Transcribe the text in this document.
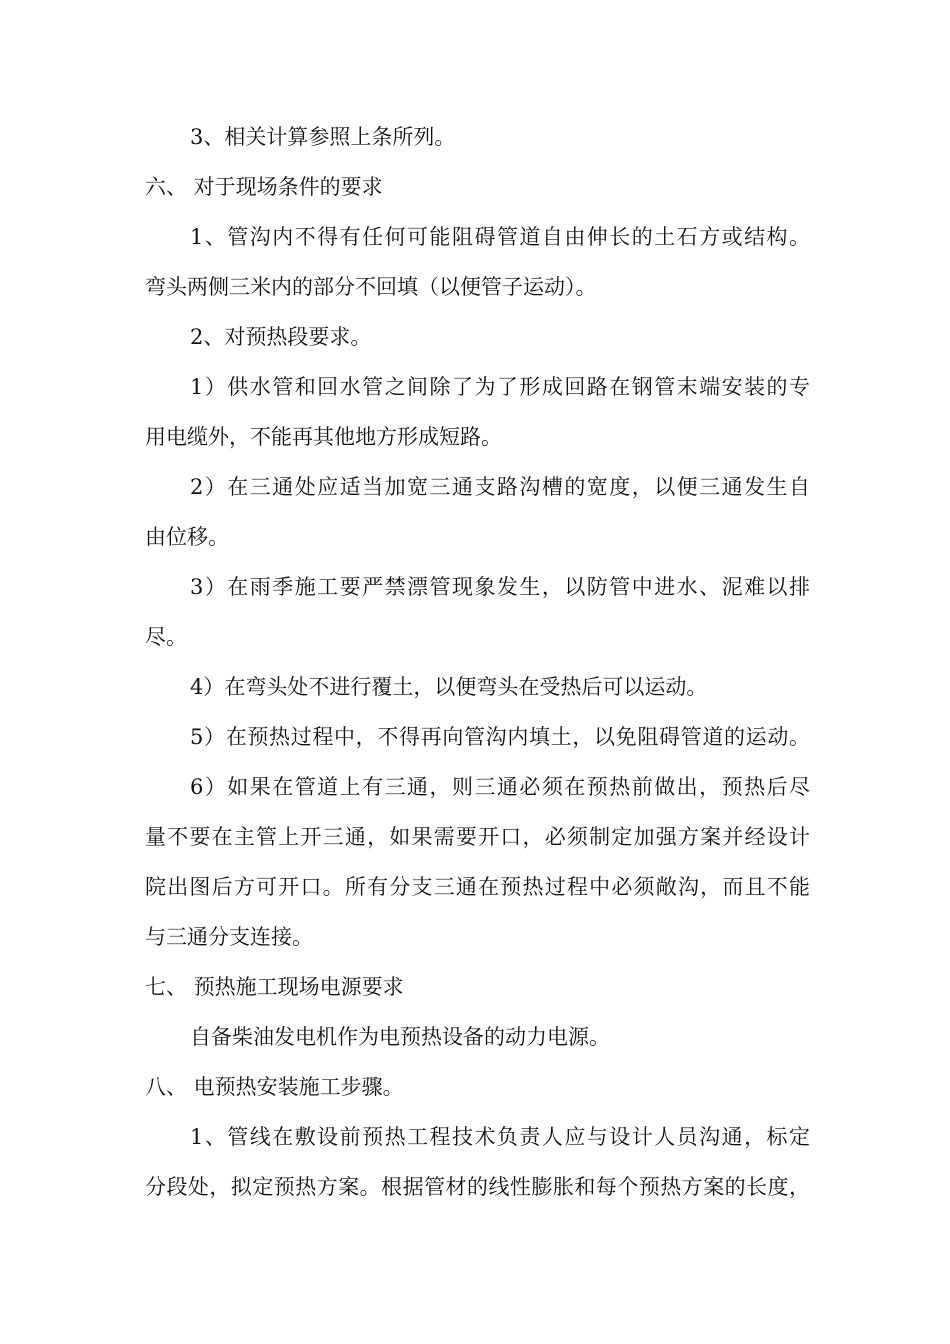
3、相关计算参照上条所列。
六、 对于现场条件的要求
1、管沟内不得有任何可能阻碍管道自由伸长的土石方或结构。
弯头两侧三米内的部分不回填（以便管子运动）。
2、对预热段要求。
1）供水管和回水管之间除了为了形成回路在钢管末端安装的专
用电缆外，不能再其他地方形成短路。
2）在三通处应适当加宽三通支路沟槽的宽度，以便三通发生自
由位移。
3）在雨季施工要严禁漂管现象发生，以防管中进水、泥难以排
尽。
4）在弯头处不进行覆土，以便弯头在受热后可以运动。
5）在预热过程中，不得再向管沟内填土，以免阻碍管道的运动。
6）如果在管道上有三通，则三通必须在预热前做出，预热后尽
量不要在主管上开三通，如果需要开口，必须制定加强方案并经设计
院出图后方可开口。所有分支三通在预热过程中必须敞沟，而且不能
与三通分支连接。
七、 预热施工现场电源要求
自备柴油发电机作为电预热设备的动力电源。
八、 电预热安装施工步骤。
1、管线在敷设前预热工程技术负责人应与设计人员沟通，标定
分段处，拟定预热方案。根据管材的线性膨胀和每个预热方案的长度，
